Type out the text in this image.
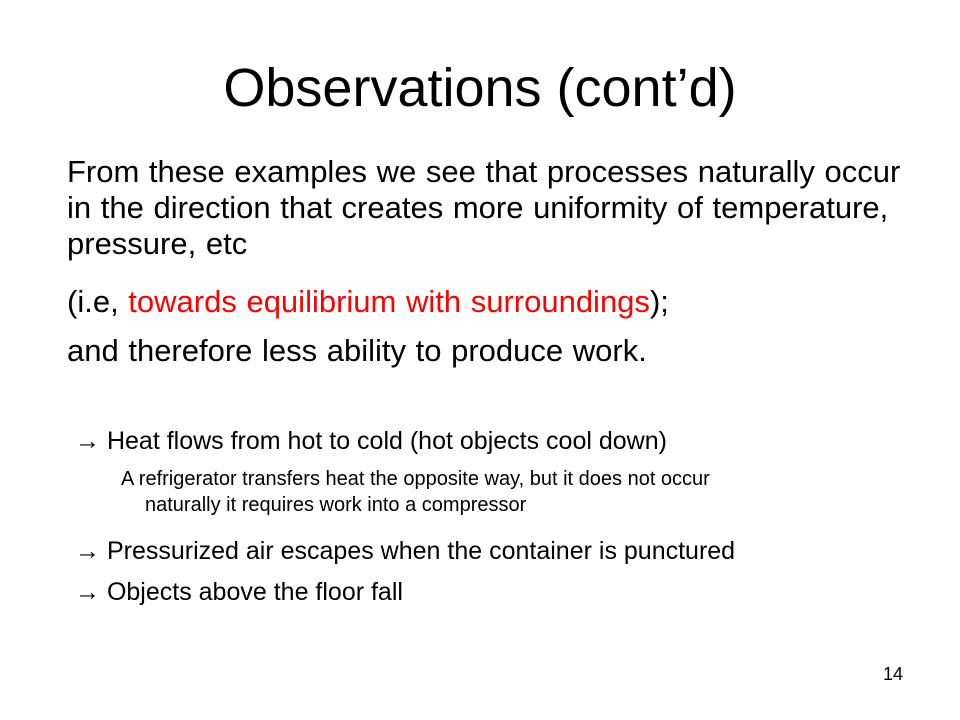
Observations (cont’d)
From these examples we see that processes naturally occur in the direction that creates more uniformity of temperature, pressure, etc
(i.e, towards equilibrium with surroundings);
and therefore less ability to produce work.
→ Heat flows from hot to cold (hot objects cool down)
A refrigerator transfers heat the opposite way, but it does not occur
naturally it requires work into a compressor
→ Pressurized air escapes when the container is punctured
→ Objects above the floor fall
14
